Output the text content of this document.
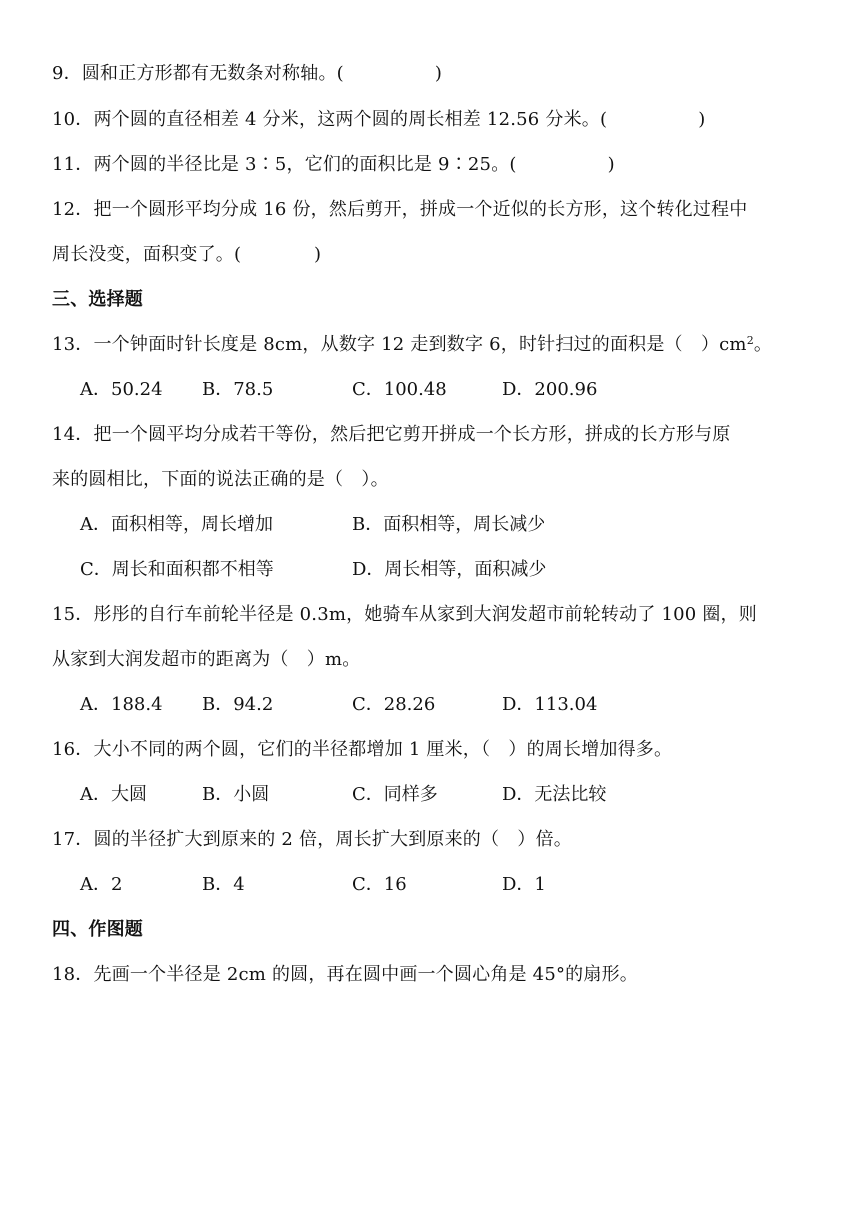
9．圆和正方形都有无数条对称轴。(　　　　　)
10．两个圆的直径相差 4 分米，这两个圆的周长相差 12.56 分米。(　　　　　)
11．两个圆的半径比是 3∶5，它们的面积比是 9∶25。(　　　　　)
12．把一个圆形平均分成 16 份，然后剪开，拼成一个近似的长方形，这个转化过程中
周长没变，面积变了。(　　　　)
三、选择题
13．一个钟面时针长度是 8cm，从数字 12 走到数字 6，时针扫过的面积是（　）$cm^2$。
A．50.24 B．78.5	C．100.48	D．200.96
14．把一个圆平均分成若干等份，然后把它剪开拼成一个长方形，拼成的长方形与原
来的圆相比，下面的说法正确的是（　）。
A．面积相等，周长增加	B．面积相等，周长减少
C．周长和面积都不相等	D．周长相等，面积减少
15．彤彤的自行车前轮半径是 0.3m，她骑车从家到大润发超市前轮转动了 100 圈，则
从家到大润发超市的距离为（　）m。
A．188.4 B．94.2	C．28.26	D．113.04
16．大小不同的两个圆，它们的半径都增加 1 厘米，（　）的周长增加得多。
A．大圆	B．小圆	C．同样多	D．无法比较
17．圆的半径扩大到原来的 2 倍，周长扩大到原来的（　）倍。
A．2	B．4	C．16	D．1
四、作图题
18．先画一个半径是 2cm 的圆，再在圆中画一个圆心角是 45°的扇形。
